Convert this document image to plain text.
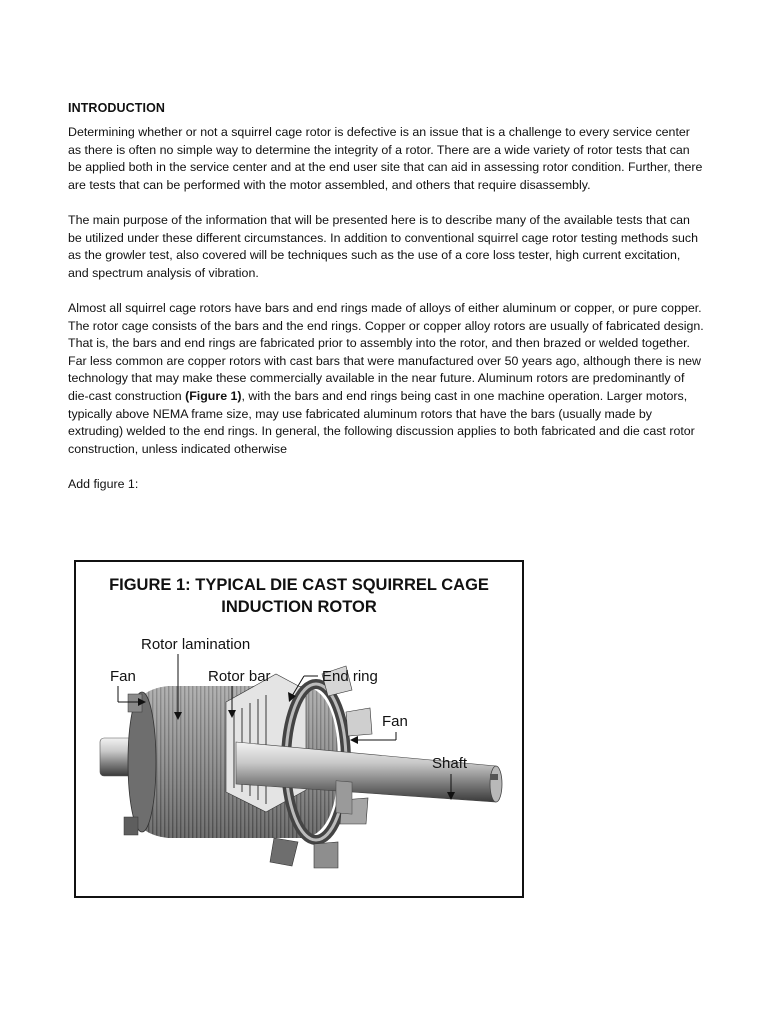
INTRODUCTION

Determining whether or not a squirrel cage rotor is defective is an issue that is a challenge to every service center as there is often no simple way to determine the integrity of a rotor. There are a wide variety of rotor tests that can be applied both in the service center and at the end user site that can aid in assessing rotor condition. Further, there are tests that can be performed with the motor assembled, and others that require disassembly.

The main purpose of the information that will be presented here is to describe many of the available tests that can be utilized under these different circumstances. In addition to conventional squirrel cage rotor testing methods such as the growler test, also covered will be techniques such as the use of a core loss tester, high current excitation, and spectrum analysis of vibration.

Almost all squirrel cage rotors have bars and end rings made of alloys of either aluminum or copper, or pure copper. The rotor cage consists of the bars and the end rings. Copper or copper alloy rotors are usually of fabricated design. That is, the bars and end rings are fabricated prior to assembly into the rotor, and then brazed or welded together. Far less common are copper rotors with cast bars that were manufactured over 50 years ago, although there is new technology that may make these commercially available in the near future. Aluminum rotors are predominantly of die-cast construction (Figure 1), with the bars and end rings being cast in one machine operation. Larger motors, typically above NEMA frame size, may use fabricated aluminum rotors that have the bars (usually made by extruding) welded to the end rings. In general, the following discussion applies to both fabricated and die cast rotor construction, unless indicated otherwise

Add figure 1:

FIGURE 1: TYPICAL DIE CAST SQUIRREL CAGE
INDUCTION ROTOR
Rotor lamination
Fan	Rotor bar	End ring
Fan
Shaft
